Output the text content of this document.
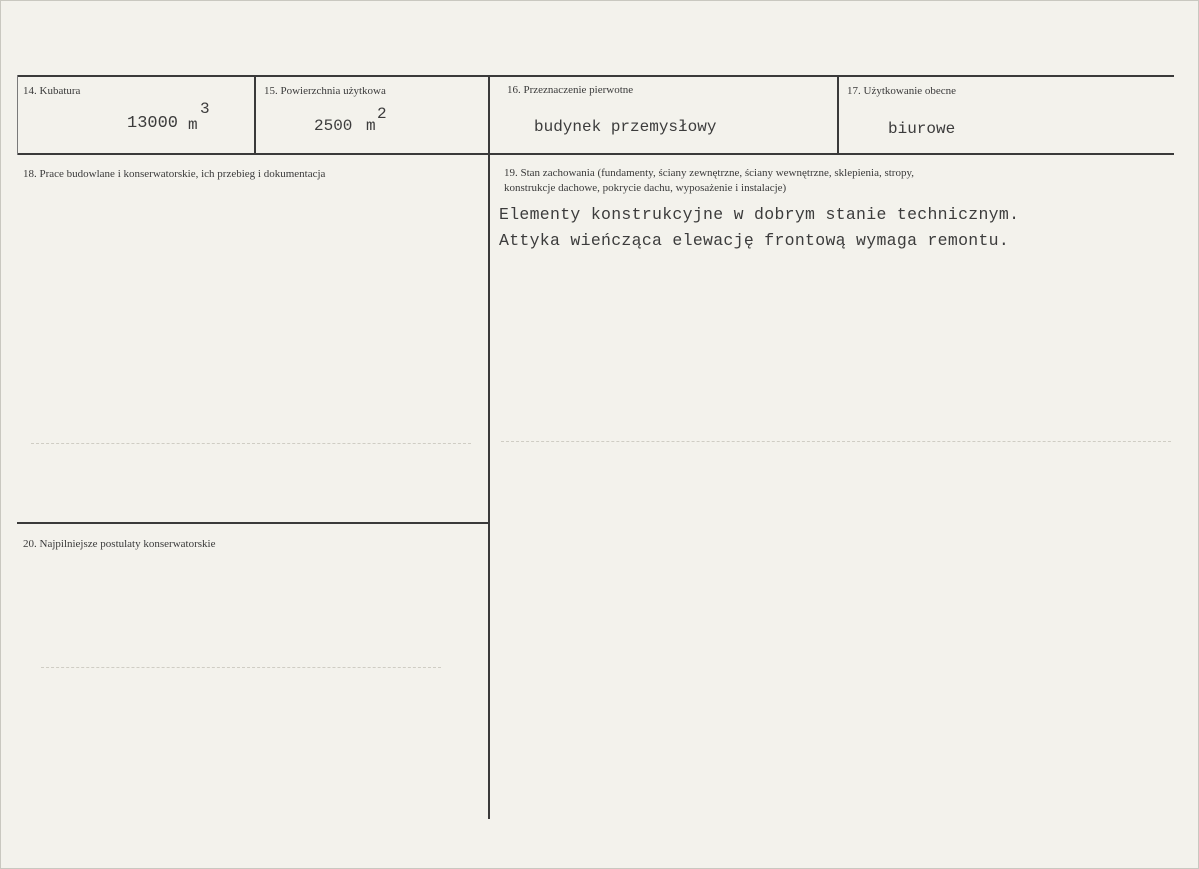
14. Kubatura
13000 m
3
15. Powierzchnia użytkowa
2500 m
2
16. Przeznaczenie pierwotne
budynek przemysłowy
17. Użytkowanie obecne
biurowe
18. Prace budowlane i konserwatorskie, ich przebieg i dokumentacja	19. Stan zachowania (fundamenty, ściany zewnętrzne, ściany wewnętrzne, sklepienia, stropy,
konstrukcje dachowe, pokrycie dachu, wyposażenie i instalacje)
Elementy konstrukcyjne w dobrym stanie technicznym.
Attyka wieńcząca elewację frontową wymaga remontu.
20. Najpilniejsze postulaty konserwatorskie
